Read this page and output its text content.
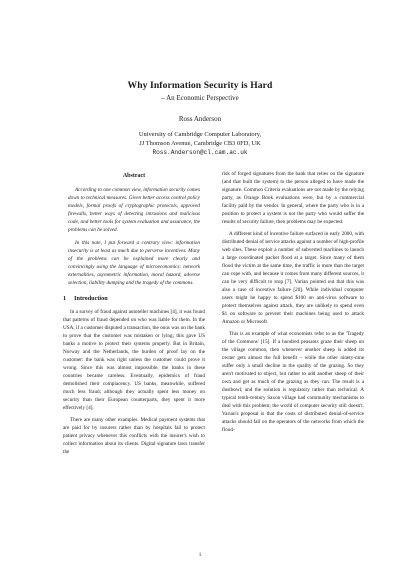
Why Information Security is Hard
– An Economic Perspective
Ross Anderson
University of Cambridge Computer Laboratory,
JJ Thomson Avenue, Cambridge CB3 0FD, UK
Ross.Anderson@cl.cam.ac.uk
Abstract

According to one common view, information security comes down to technical measures. Given better access control policy models, formal proofs of cryptographic protocols, approved firewalls, better ways of detecting intrusions and malicious code, and better tools for system evaluation and assurance, the problems can be solved.

In this note, I put forward a contrary view: information insecurity is at least as much due to perverse incentives. Many of the problems can be explained more clearly and convincingly using the language of microeconomics: network externalities, asymmetric information, moral hazard, adverse selection, liability dumping and the tragedy of the commons.

1 Introduction

In a survey of fraud against autoteller machines [4], it was found that patterns of fraud depended on who was liable for them. In the USA, if a customer disputed a transaction, the onus was on the bank to prove that the customer was mistaken or lying; this gave US banks a motive to protect their systems properly. But in Britain, Norway and the Netherlands, the burden of proof lay on the customer: the bank was right unless the customer could prove it wrong. Since this was almost impossible, the banks in these countries became careless. Eventually, epidemics of fraud demolished their complacency. US banks, meanwhile, suffered much less fraud; although they actually spent less money on security than their European counterparts, they spent it more effectively [4].

There are many other examples. Medical payment systems that are paid for by insurers rather than by hospitals fail to protect patient privacy whenever this conflicts with the insurer's wish to collect information about its clients. Digital signature laws transfer the

risk of forged signatures from the bank that relies on the signature (and that built the system) to the person alleged to have made the signature. Common Criteria evaluations are not made by the relying party, as Orange Book evaluations were, but by a commercial facility paid by the vendor. In general, where the party who is in a position to protect a system is not the party who would suffer the results of security failure, then problems may be expected.

A different kind of incentive failure surfaced in early 2000, with distributed denial of service attacks against a number of high-profile web sites. These exploit a number of subverted machines to launch a large coordinated packet flood at a target. Since many of them flood the victim at the same time, the traffic is more than the target can cope with, and because it comes from many different sources, it can be very difficult to stop [7]. Varian pointed out that this was also a case of incentive failure [20]. While individual computer users might be happy to spend $100 on anti-virus software to protect themselves against attack, they are unlikely to spend even $1 on software to prevent their machines being used to attack Amazon or Microsoft.

This is an example of what economists refer to as the 'Tragedy of the Commons' [15]. If a hundred peasants graze their sheep on the village common, then whenever another sheep is added its owner gets almost the full benefit – while the other ninety-nine suffer only a small decline in the quality of the grazing. So they aren't motivated to object, but rather to add another sheep of their own and get as much of the grazing as they can. The result is a dustbowl; and the solution is regulatory rather than technical. A typical tenth-century Saxon village had community mechanisms to deal with this problem; the world of computer security still doesn't. Varian's proposal is that the costs of distributed denial-of-service attacks should fall on the operators of the networks from which the flood-

1
